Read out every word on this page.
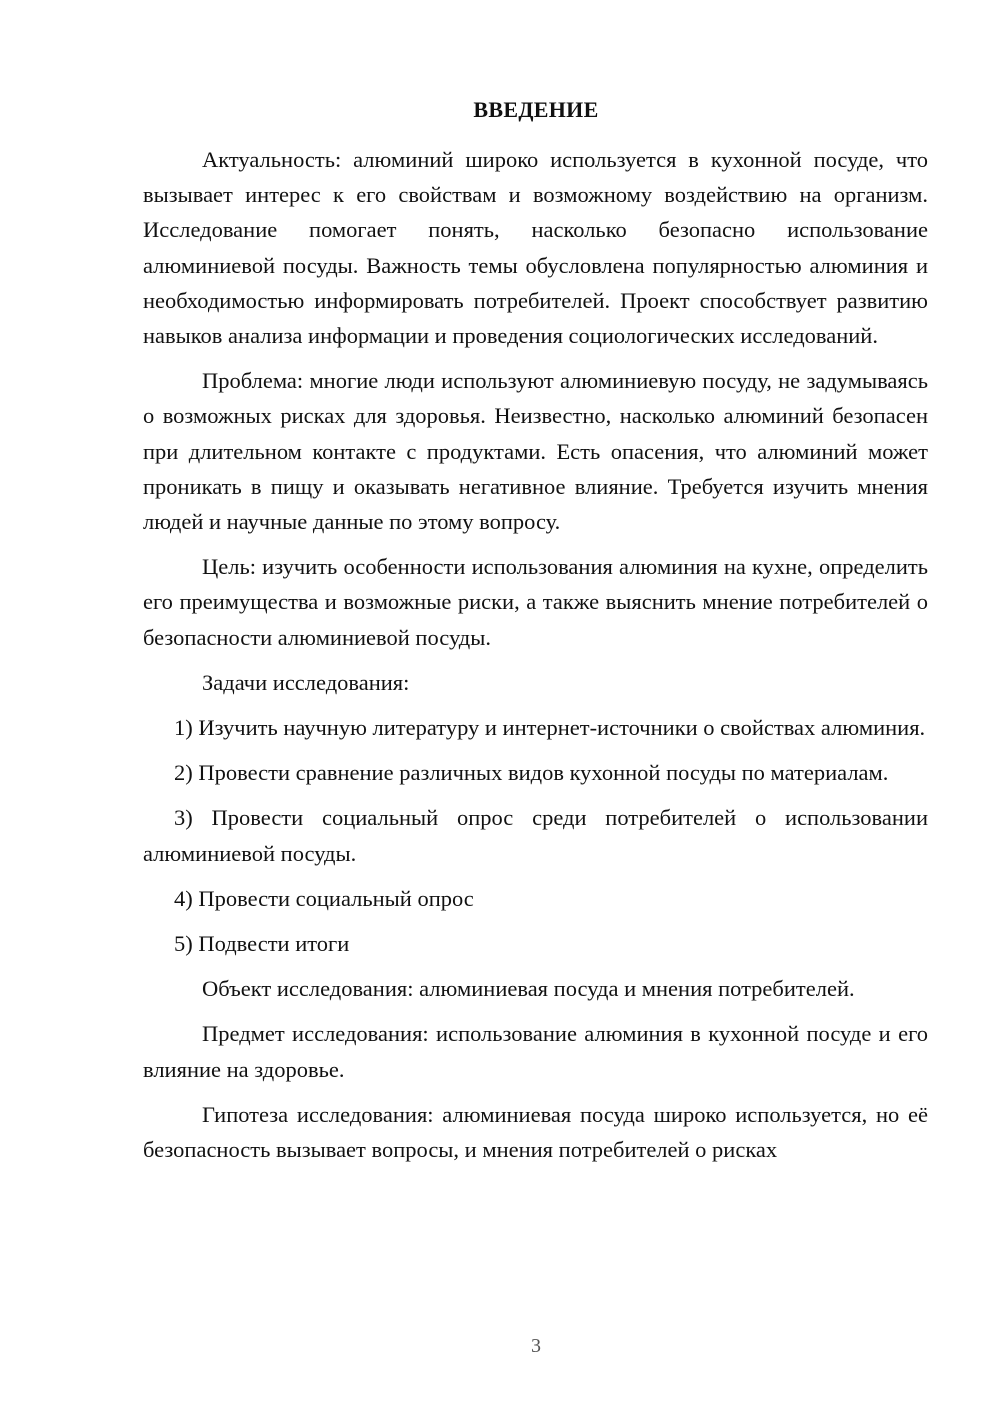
ВВЕДЕНИЕ

Актуальность: алюминий широко используется в кухонной посуде, что вызывает интерес к его свойствам и возможному воздействию на организм. Исследование помогает понять, насколько безопасно использование алюминиевой посуды. Важность темы обусловлена популярностью алюминия и необходимостью информировать потребителей. Проект способствует развитию навыков анализа информации и проведения социологических исследований.

Проблема: многие люди используют алюминиевую посуду, не задумываясь о возможных рисках для здоровья. Неизвестно, насколько алюминий безопасен при длительном контакте с продуктами. Есть опасения, что алюминий может проникать в пищу и оказывать негативное влияние. Требуется изучить мнения людей и научные данные по этому вопросу.

Цель: изучить особенности использования алюминия на кухне, определить его преимущества и возможные риски, а также выяснить мнение потребителей о безопасности алюминиевой посуды.

Задачи исследования:

1) Изучить научную литературу и интернет-источники о свойствах алюминия.

2) Провести сравнение различных видов кухонной посуды по материалам.

3) Провести социальный опрос среди потребителей о использовании алюминиевой посуды.

4) Провести социальный опрос

5) Подвести итоги

Объект исследования: алюминиевая посуда и мнения потребителей.

Предмет исследования: использование алюминия в кухонной посуде и его влияние на здоровье.

Гипотеза исследования: алюминиевая посуда широко используется, но её безопасность вызывает вопросы, и мнения потребителей о рисках

3
